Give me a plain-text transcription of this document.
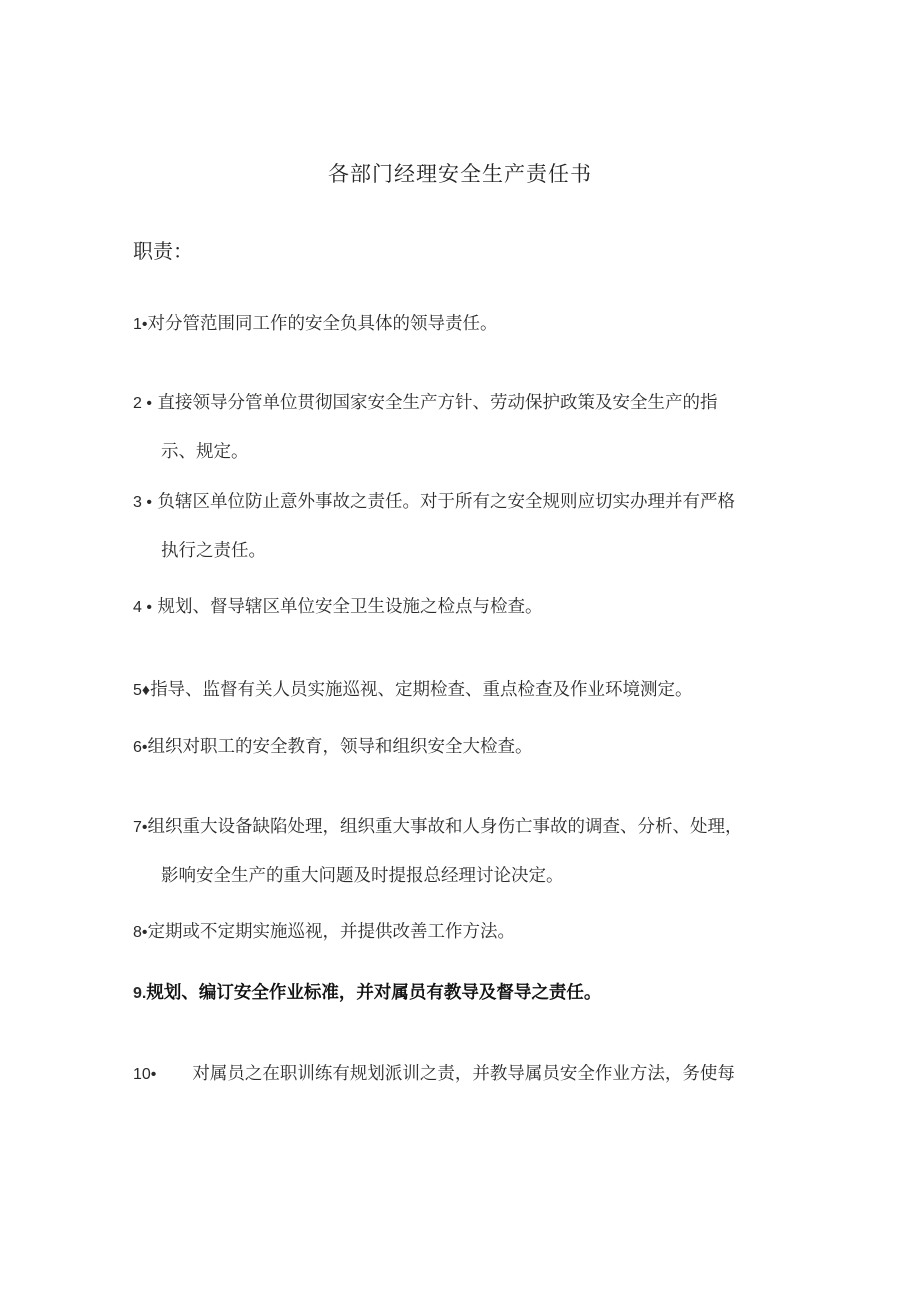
各部门经理安全生产责任书
职责：
1•对分管范围同工作的安全负具体的领导责任。
2 • 直接领导分管单位贯彻国家安全生产方针、劳动保护政策及安全生产的指
示、规定。
3 • 负辖区单位防止意外事故之责任。对于所有之安全规则应切实办理并有严格
执行之责任。
4 • 规划、督导辖区单位安全卫生设施之检点与检查。
5♦指导、监督有关人员实施巡视、定期检查、重点检查及作业环境测定。
6•组织对职工的安全教育，领导和组织安全大检查。
7•组织重大设备缺陷处理，组织重大事故和人身伤亡事故的调查、分析、处理，
影响安全生产的重大问题及时提报总经理讨论决定。
8•定期或不定期实施巡视，并提供改善工作方法。
9.规划、编订安全作业标准，并对属员有教导及督导之责任。
10• 对属员之在职训练有规划派训之责，并教导属员安全作业方法，务使每
